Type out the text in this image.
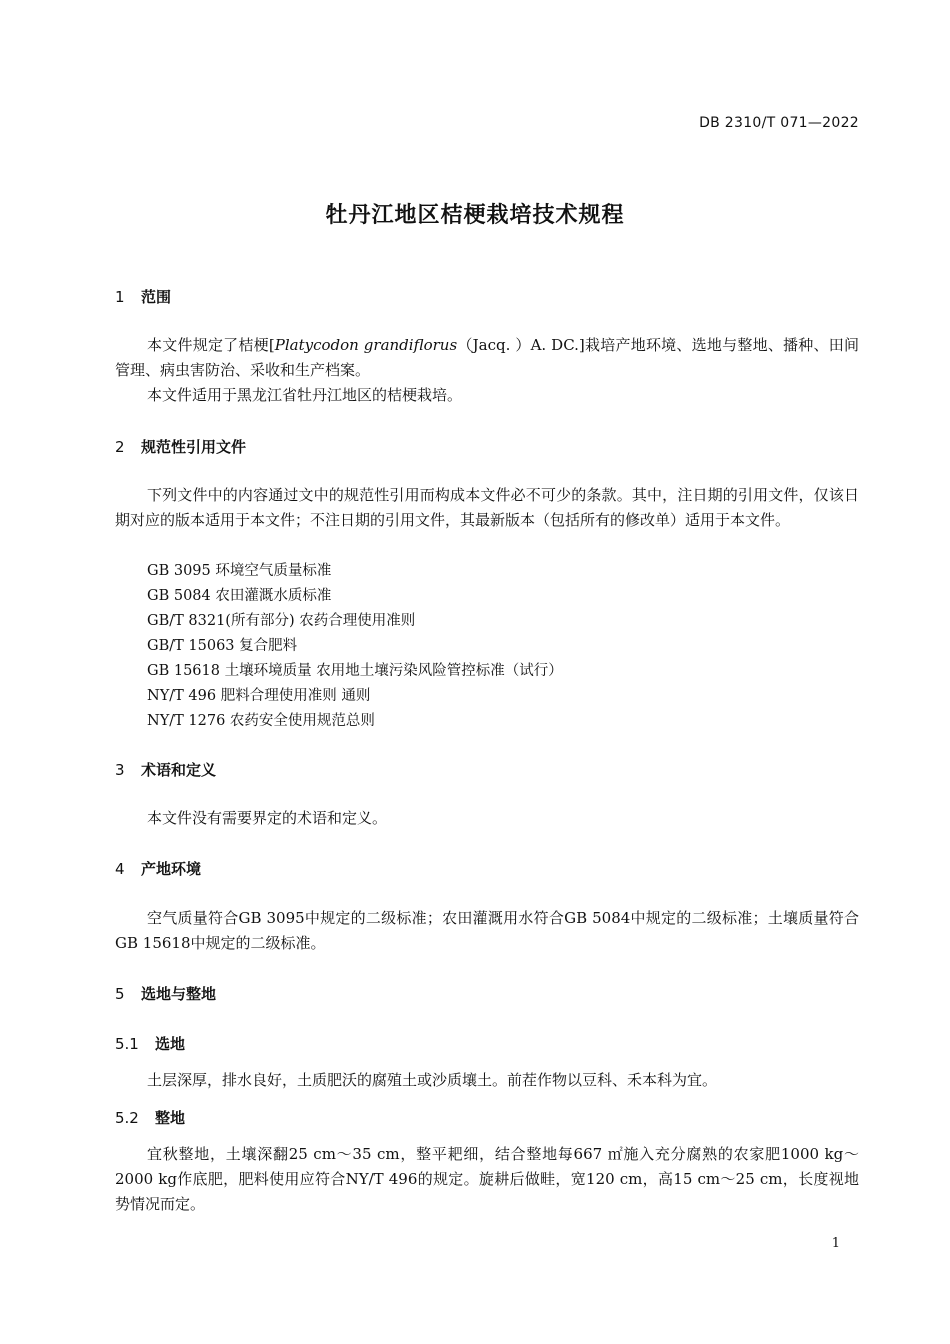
DB 2310/T 071—2022
牡丹江地区桔梗栽培技术规程
1 范围
本文件规定了桔梗[Platycodon grandiflorus（Jacq. ）A. DC.]栽培产地环境、选地与整地、播种、田间管理、病虫害防治、采收和生产档案。
本文件适用于黑龙江省牡丹江地区的桔梗栽培。
2 规范性引用文件
下列文件中的内容通过文中的规范性引用而构成本文件必不可少的条款。其中，注日期的引用文件，仅该日期对应的版本适用于本文件；不注日期的引用文件，其最新版本（包括所有的修改单）适用于本文件。
GB 3095 环境空气质量标准
GB 5084 农田灌溉水质标准
GB/T 8321(所有部分) 农药合理使用准则
GB/T 15063 复合肥料
GB 15618 土壤环境质量 农用地土壤污染风险管控标准（试行）
NY/T 496 肥料合理使用准则 通则
NY/T 1276 农药安全使用规范总则
3 术语和定义
本文件没有需要界定的术语和定义。
4 产地环境
空气质量符合GB 3095中规定的二级标准；农田灌溉用水符合GB 5084中规定的二级标准；土壤质量符合GB 15618中规定的二级标准。
5 选地与整地
5.1 选地
土层深厚，排水良好，土质肥沃的腐殖土或沙质壤土。前茬作物以豆科、禾本科为宜。
5.2 整地
宜秋整地，土壤深翻25 cm～35 cm，整平耙细，结合整地每667 ㎡施入充分腐熟的农家肥1000 kg～2000 kg作底肥，肥料使用应符合NY/T 496的规定。旋耕后做畦，宽120 cm，高15 cm～25 cm，长度视地势情况而定。
1
